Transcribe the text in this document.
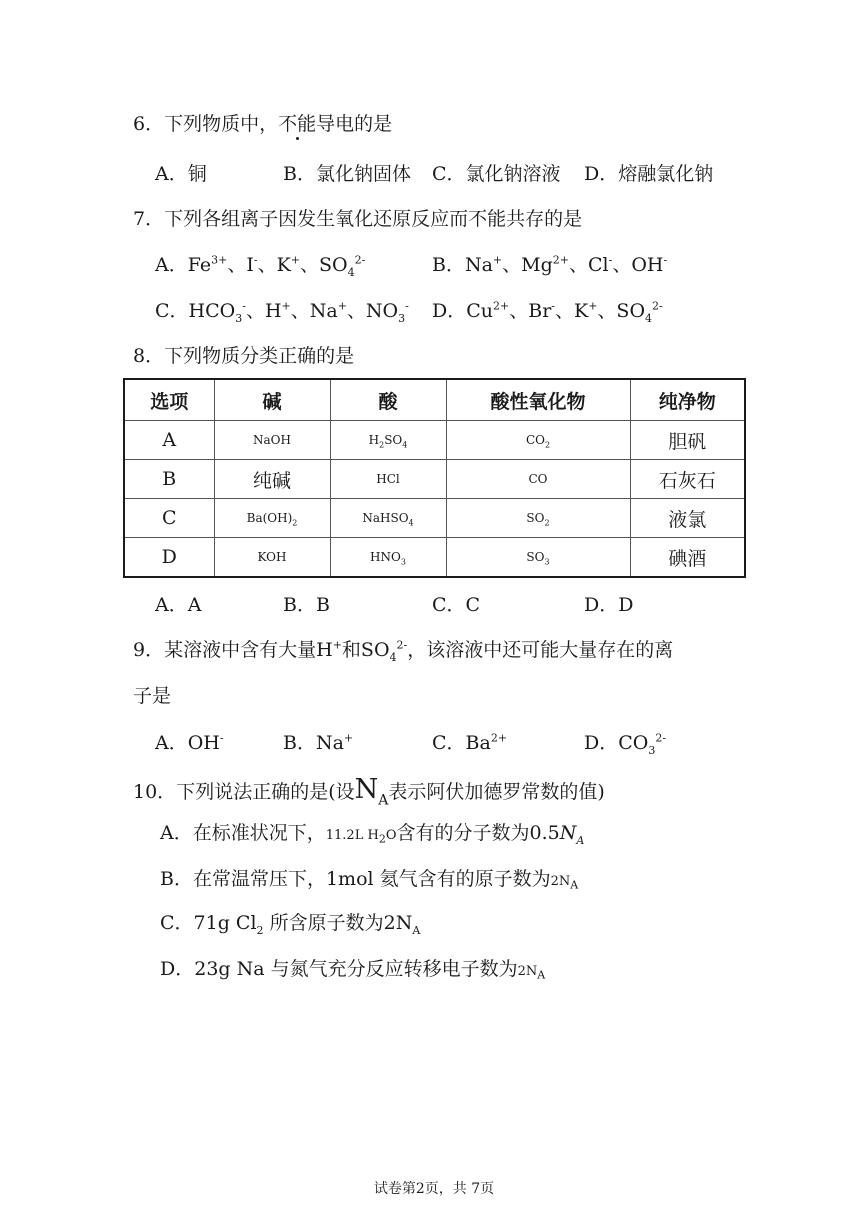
6．下列物质中，不能导电的是
A．铜	B．氯化钠固体 C．氯化钠溶液 D．熔融氯化钠
7．下列各组离子因发生氧化还原反应而不能共存的是
A．$Fe^{3+}$、I-、K+、$SO_4^{2-}$	B．Na+、$Mg^{2+}$、Cl-、OH-
C．$HCO_3^-$、H+、Na+、$NO_3^-$ D．$Cu^{2+}$、Br-、K+、$SO_4^{2-}$
8．下列物质分类正确的是
选项	碱	酸	酸性氧化物	纯净物
A	NaOH	$H_2SO_4$	$CO_2$	胆矾
B	纯碱	HCl	CO	石灰石
C	$Ba(OH)_2$	NaHSO$_4$	$SO_2$	液氯
D	KOH	$HNO_3$	$SO_3$	碘酒
A．A	B．B	C．C	D．D
9．某溶液中含有大量H+和$SO_4^{2-}$，该溶液中还可能大量存在的离
子是
A．OH-	B．Na+	C．$Ba^{2+}$	D．$CO_3^{2-}$
10．下列说法正确的是(设$N_A$表示阿伏加德罗常数的值)
A．在标准状况下，11.2L $H_2O$含有的分子数为$0.5N_A$
B．在常温常压下，1mol 氦气含有的原子数为$2N_A$
C．71g $Cl_2$ 所含原子数为$2N_A$
D．23g Na 与氮气充分反应转移电子数为$2N_A$
试卷第2页，共 7页
